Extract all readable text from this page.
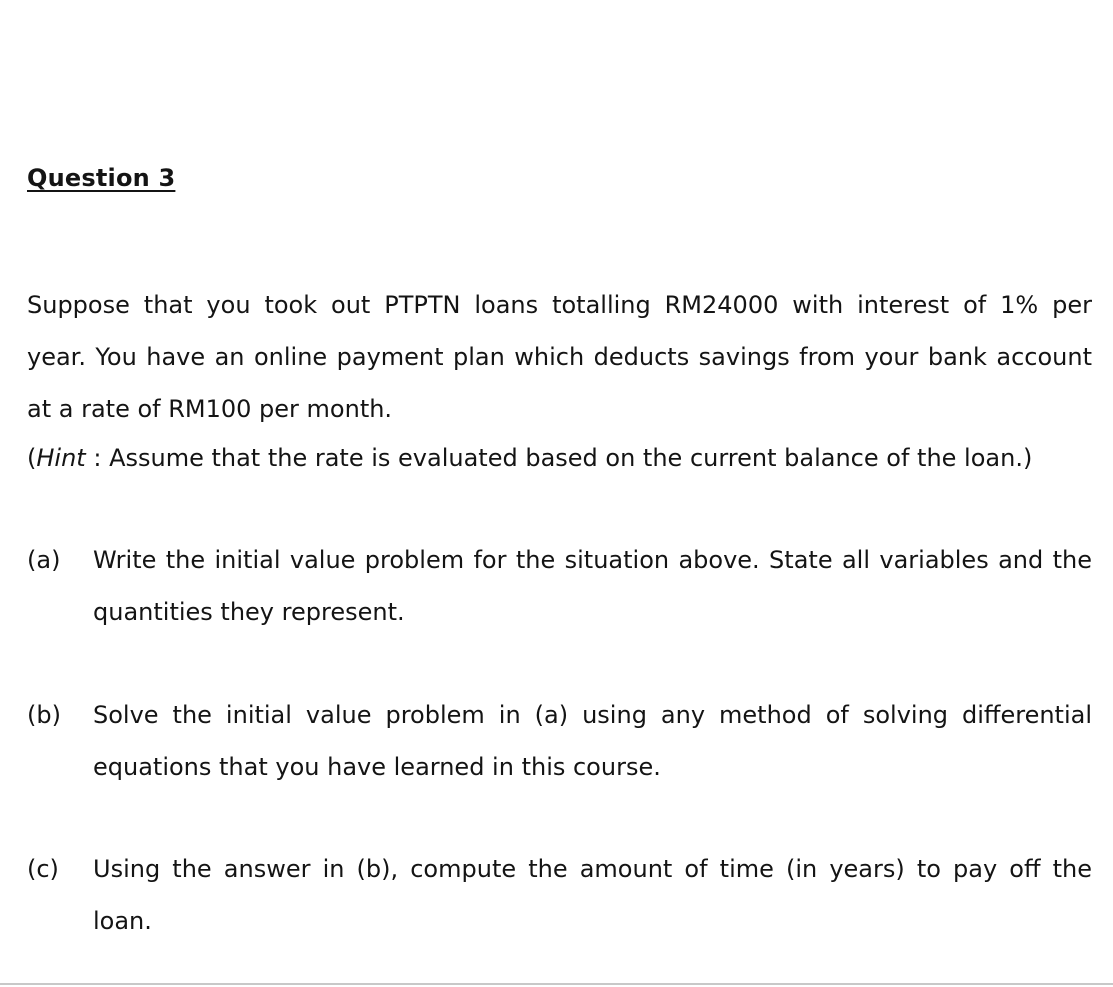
Question 3
Suppose that you took out PTPTN loans totalling RM24000 with interest of 1% per
year. You have an online payment plan which deducts savings from your bank account
at a rate of RM100 per month.
(Hint : Assume that the rate is evaluated based on the current balance of the loan.)
(a)	Write the initial value problem for the situation above. State all variables and the
quantities they represent.
(b)	Solve the initial value problem in (a) using any method of solving differential
equations that you have learned in this course.
(c)	Using the answer in (b), compute the amount of time (in years) to pay off the
loan.
